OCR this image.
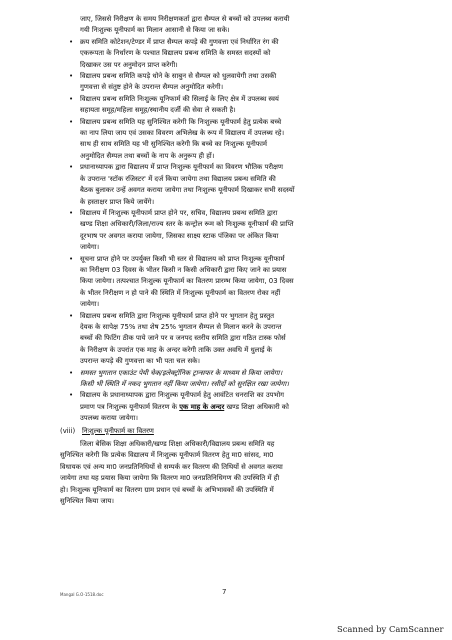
जाए, जिससे निरीक्षण के समय निरीक्षणकर्ता द्वारा सैम्पल से बच्चों को उपलब्ध करायी
गयी निःशुल्क यूनीफार्म का मिलान आसानी से किया जा सके।

• क्रय समिति कोटेशन/टेण्डर में प्राप्त सैम्पल कपड़े की गुणवत्ता एवं निर्धारित रंग की
एकरूपता के निर्धारण के पश्चात विद्यालय प्रबन्ध समिति के समस्त सदस्यों को
दिखाकर उस पर अनुमोदन प्राप्त करेगी।

• विद्यालय प्रबन्ध समिति कपड़े धोने के साबुन से सैम्पल को धुलवायेगी तथा उसकी
गुणवत्ता से संतुष्ट होने के उपरान्त सैम्पल अनुमोदित करेगी।

• विद्यालय प्रबन्ध समिति निःशुल्क यूनिफार्म की सिलाई के लिए क्षेत्र में उपलब्ध स्वयं
सहायता समूह/महिला समूह/स्थानीय दर्जी की सेवा ले सकती है।

• विद्यालय प्रबन्ध समिति यह सुनिश्चित करेगी कि निःशुल्क यूनीफार्म हेतु प्रत्येक बच्चे
का नाप लिया जाय एवं उसका विवरण अभिलेख के रूप में विद्यालय में उपलब्ध रहे।
साथ ही साथ समिति यह भी सुनिश्चित करेगी कि बच्चे का निःशुल्क यूनीफार्म
अनुमोदित सैम्पल तथा बच्चों के नाप के अनुरूप ही हों।

• प्रधानाध्यापक द्वारा विद्यालय में प्राप्त निःशुल्क यूनीफार्म का विवरण भौतिक परीक्षण
के उपरान्त 'स्टॉक रजिस्टर' में दर्ज किया जायेगा तथा विद्यालय प्रबन्ध समिति की
बैठक बुलाकर उन्हें अवगत कराया जायेगा तथा निःशुल्क यूनीफार्म दिखाकर सभी सदस्यों
के हस्ताक्षर प्राप्त किये जायेंगे।

• विद्यालय में निःशुल्क यूनीफार्म प्राप्त होने पर, सचिव, विद्यालय प्रबन्ध समिति द्वारा
खण्ड शिक्षा अधिकारी/जिला/राज्य स्तर के कन्ट्रोल रूम को निःशुल्क यूनीफार्म की प्राप्ति
दूरभाष पर अवगत कराया जायेगा, जिसका साक्ष्य स्टाक पंजिका पर अंकित किया
जायेगा।

• सूचना प्राप्त होने पर उपर्युक्त किसी भी स्तर से विद्यालय को प्राप्त निःशुल्क यूनीफार्म
का निरीक्षण 03 दिवस के भीतर किसी न किसी अधिकारी द्वारा किए जाने का प्रयास
किया जायेगा। तत्पश्चात निःशुल्क यूनीफार्म का वितरण प्रारम्भ किया जायेगा, 03 दिवस
के भीतर निरीक्षण न हो पाने की स्थिति में निःशुल्क यूनीफार्म का वितरण रोका नहीं
जायेगा।

• विद्यालय प्रबन्ध समिति द्वारा निःशुल्क यूनीफार्म प्राप्त होने पर भुगतान हेतु प्रस्तुत
देयक के सापेक्ष 75% तथा शेष 25% भुगतान सैम्पल से मिलान करने के उपरान्त
बच्चों की फिटिंग ठीक पाये जाने पर व जनपद स्तरीय समिति द्वारा गठित टास्क फोर्स
के निरीक्षण के उपरांत एक माह के अन्दर करेगी ताकि उक्त अवधि में धुलाई के
उपरान्त कपड़े की गुणवत्ता का भी पता चल सके।

• समस्त भुगतान एकाउंट पेयी चेक/इलेक्ट्रॉनिक ट्रान्सफर के माध्यम से किया जायेगा।
किसी भी स्थिति में नकद भुगतान नहीं किया जायेगा। रसीदों को सुरक्षित रखा जायेगा।

• विद्यालय के प्रधानाध्यापक द्वारा निःशुल्क यूनीफार्म हेतु आवंटित धनराशि का उपभोग
प्रमाण पत्र निःशुल्क यूनीफार्म वितरण के एक माह के अन्दर खण्ड शिक्षा अधिकारी को
उपलब्ध कराया जायेगा।

(viii) निःशुल्क यूनीफार्म का वितरण

जिला बेसिक शिक्षा अधिकारी/खण्ड शिक्षा अधिकारी/विद्यालय प्रबन्ध समिति यह
सुनिश्चित करेगी कि प्रत्येक विद्यालय में निःशुल्क यूनीफार्म वितरण हेतु मा0 सांसद, मा0
विधायक एवं अन्य मा0 जनप्रतिनिधियों से सम्पर्क कर वितरण की तिथियों से अवगत कराया
जायेगा तथा यह प्रयास किया जायेगा कि वितरण मा0 जनप्रतिनिधिगण की उपस्थिति में ही
हो। निःशुल्क यूनिफार्म का वितरण ग्राम प्रधान एवं बच्चों के अभिभावकों की उपस्थिति में
सुनिश्चित किया जाय।

Mangal G.O-1518.doc	7
Scanned by CamScanner
